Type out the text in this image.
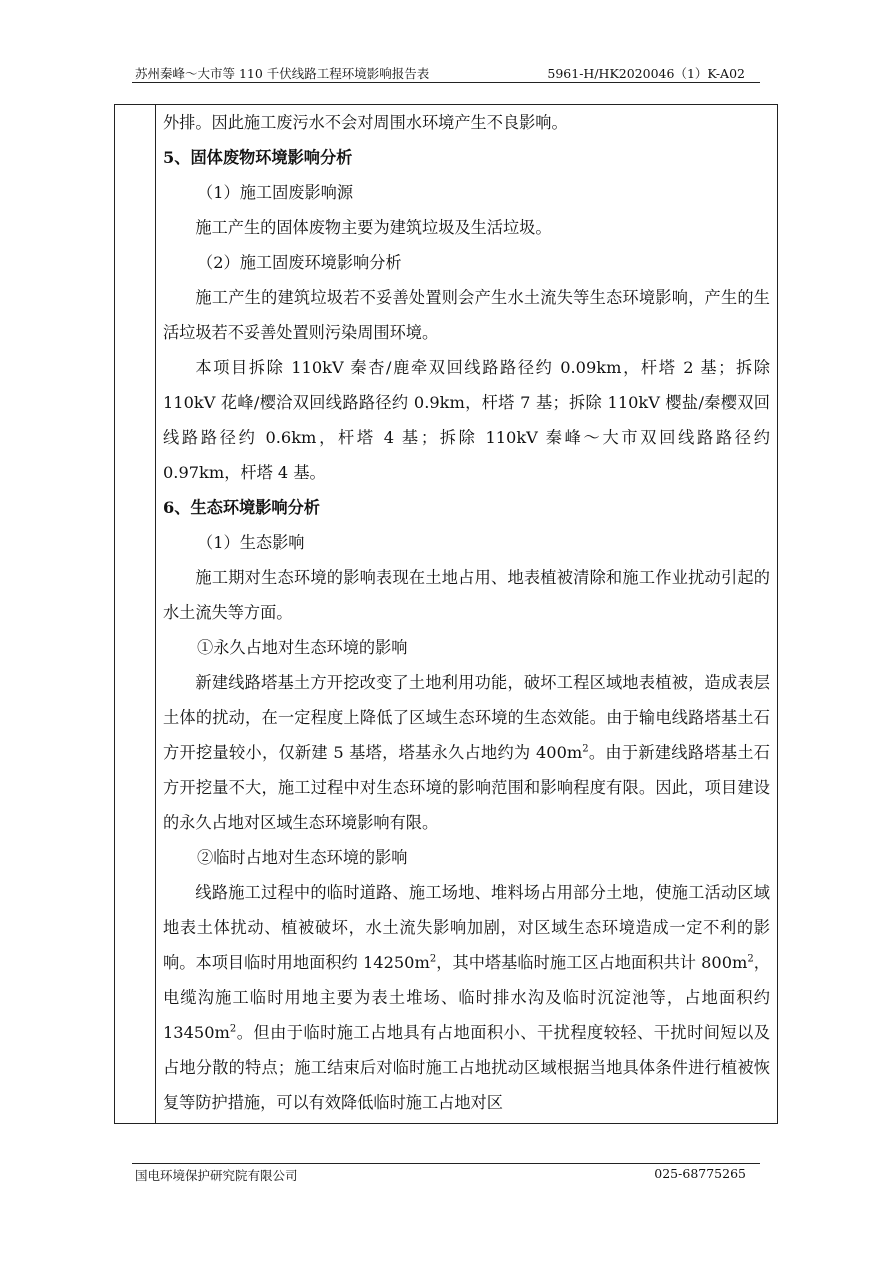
苏州秦峰～大市等 110 千伏线路工程环境影响报告表	5961-H/HK2020046（1）K-A02

外排。因此施工废污水不会对周围水环境产生不良影响。

5、固体废物环境影响分析

（1）施工固废影响源

施工产生的固体废物主要为建筑垃圾及生活垃圾。

（2）施工固废环境影响分析

施工产生的建筑垃圾若不妥善处置则会产生水土流失等生态环境影响，产生的生活垃圾若不妥善处置则污染周围环境。

本项目拆除 110kV 秦杏/鹿牵双回线路路径约 0.09km，杆塔 2 基；拆除 110kV 花峰/樱洽双回线路路径约 0.9km，杆塔 7 基；拆除 110kV 樱盐/秦樱双回线路路径约 0.6km，杆塔 4 基；拆除 110kV 秦峰～大市双回线路路径约 0.97km，杆塔 4 基。

6、生态环境影响分析

（1）生态影响

施工期对生态环境的影响表现在土地占用、地表植被清除和施工作业扰动引起的水土流失等方面。

①永久占地对生态环境的影响

新建线路塔基土方开挖改变了土地利用功能，破坏工程区域地表植被，造成表层土体的扰动，在一定程度上降低了区域生态环境的生态效能。由于输电线路塔基土石方开挖量较小，仅新建 5 基塔，塔基永久占地约为 $400m^2$。由于新建线路塔基土石方开挖量不大，施工过程中对生态环境的影响范围和影响程度有限。因此，项目建设的永久占地对区域生态环境影响有限。

②临时占地对生态环境的影响

线路施工过程中的临时道路、施工场地、堆料场占用部分土地，使施工活动区域地表土体扰动、植被破坏，水土流失影响加剧，对区域生态环境造成一定不利的影响。本项目临时用地面积约 $14250m^2$，其中塔基临时施工区占地面积共计 $800m^2$，电缆沟施工临时用地主要为表土堆场、临时排水沟及临时沉淀池等，占地面积约 $13450m^2$。但由于临时施工占地具有占地面积小、干扰程度较轻、干扰时间短以及占地分散的特点；施工结束后对临时施工占地扰动区域根据当地具体条件进行植被恢复等防护措施，可以有效降低临时施工占地对区

国电环境保护研究院有限公司	025-68775265
